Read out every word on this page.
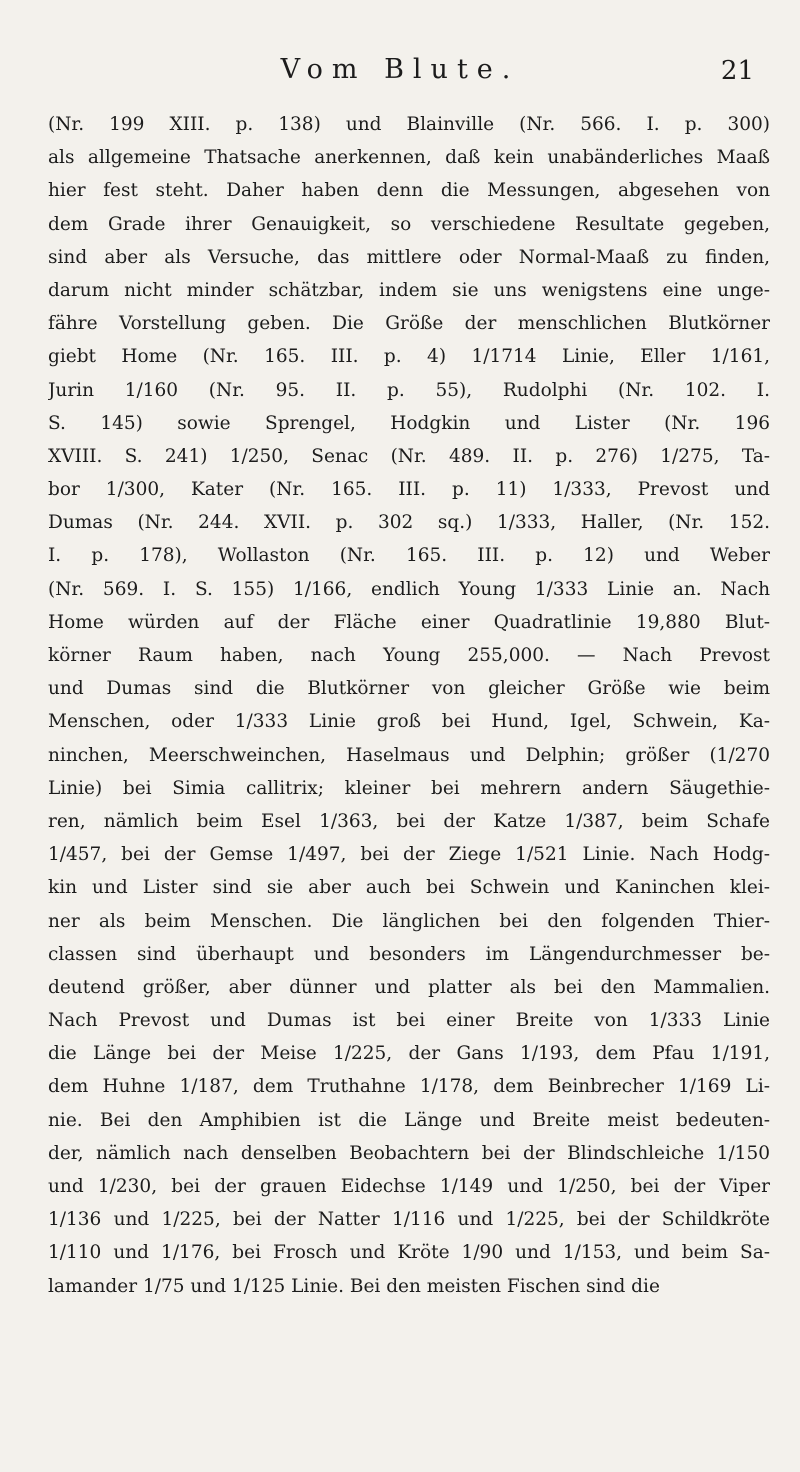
Vom Blute.	21
(Nr. 199 XIII. p. 138) und Blainville (Nr. 566. I. p. 300)
als allgemeine Thatsache anerkennen, daß kein unabänderliches Maaß
hier fest steht. Daher haben denn die Messungen, abgesehen von
dem Grade ihrer Genauigkeit, so verschiedene Resultate gegeben,
sind aber als Versuche, das mittlere oder Normal-Maaß zu finden,
darum nicht minder schätzbar, indem sie uns wenigstens eine unge-
fähre Vorstellung geben. Die Größe der menschlichen Blutkörner
giebt Home (Nr. 165. III. p. 4) 1/1714 Linie, Eller 1/161,
Jurin 1/160 (Nr. 95. II. p. 55), Rudolphi (Nr. 102. I.
S. 145) sowie Sprengel, Hodgkin und Lister (Nr. 196
XVIII. S. 241) 1/250, Senac (Nr. 489. II. p. 276) 1/275, Ta-
bor 1/300, Kater (Nr. 165. III. p. 11) 1/333, Prevost und
Dumas (Nr. 244. XVII. p. 302 sq.) 1/333, Haller, (Nr. 152.
I. p. 178), Wollaston (Nr. 165. III. p. 12) und Weber
(Nr. 569. I. S. 155) 1/166, endlich Young 1/333 Linie an. Nach
Home würden auf der Fläche einer Quadratlinie 19,880 Blut-
körner Raum haben, nach Young 255,000. — Nach Prevost
und Dumas sind die Blutkörner von gleicher Größe wie beim
Menschen, oder 1/333 Linie groß bei Hund, Igel, Schwein, Ka-
ninchen, Meerschweinchen, Haselmaus und Delphin; größer (1/270
Linie) bei Simia callitrix; kleiner bei mehrern andern Säugethie-
ren, nämlich beim Esel 1/363, bei der Katze 1/387, beim Schafe
1/457, bei der Gemse 1/497, bei der Ziege 1/521 Linie. Nach Hodg-
kin und Lister sind sie aber auch bei Schwein und Kaninchen klei-
ner als beim Menschen. Die länglichen bei den folgenden Thier-
classen sind überhaupt und besonders im Längendurchmesser be-
deutend größer, aber dünner und platter als bei den Mammalien.
Nach Prevost und Dumas ist bei einer Breite von 1/333 Linie
die Länge bei der Meise 1/225, der Gans 1/193, dem Pfau 1/191,
dem Huhne 1/187, dem Truthahne 1/178, dem Beinbrecher 1/169 Li-
nie. Bei den Amphibien ist die Länge und Breite meist bedeuten-
der, nämlich nach denselben Beobachtern bei der Blindschleiche 1/150
und 1/230, bei der grauen Eidechse 1/149 und 1/250, bei der Viper
1/136 und 1/225, bei der Natter 1/116 und 1/225, bei der Schildkröte
1/110 und 1/176, bei Frosch und Kröte 1/90 und 1/153, und beim Sa-
lamander 1/75 und 1/125 Linie. Bei den meisten Fischen sind die
